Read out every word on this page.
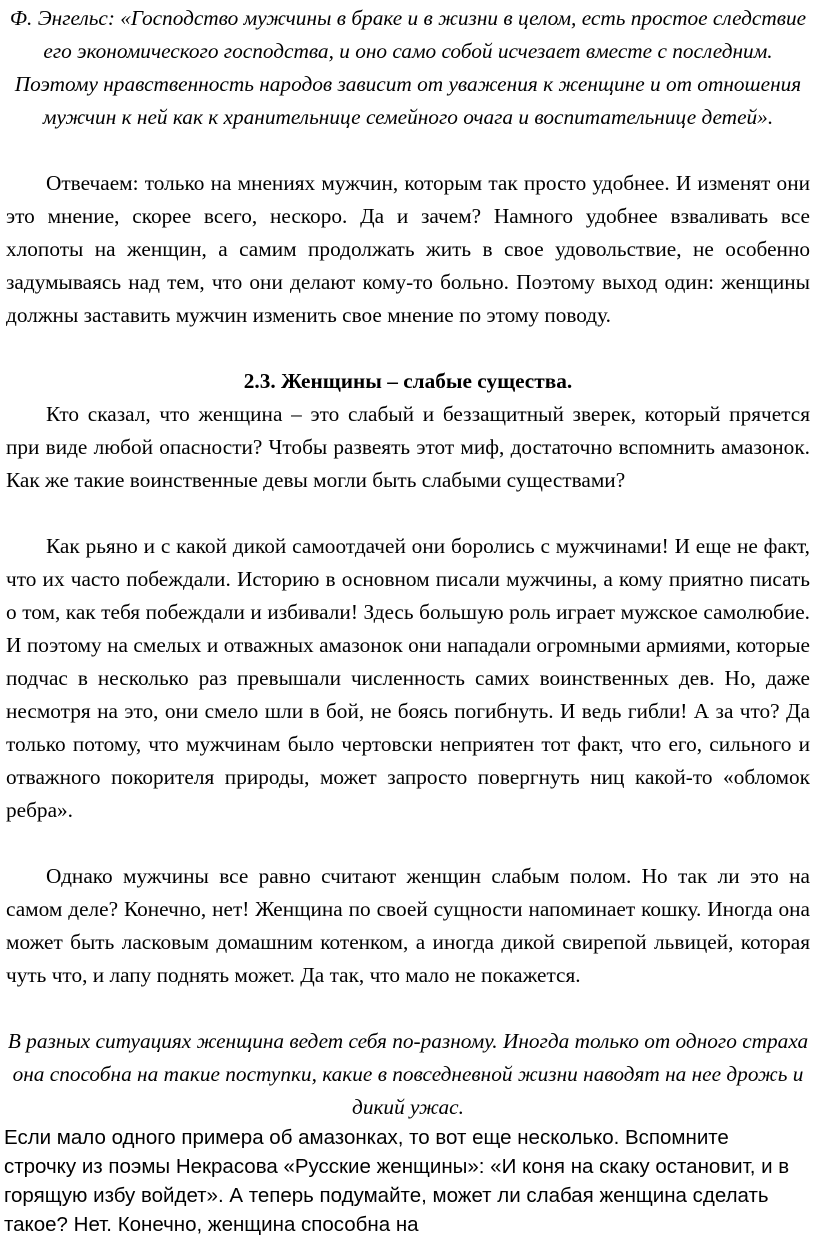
Ф. Энгельс: «Господство мужчины в браке и в жизни в целом, есть простое следствие его экономического господства, и оно само собой исчезает вместе с последним. Поэтому нравственность народов зависит от уважения к женщине и от отношения мужчин к ней как к хранительнице семейного очага и воспитательнице детей».

Отвечаем: только на мнениях мужчин, которым так просто удобнее. И изменят они это мнение, скорее всего, нескоро. Да и зачем? Намного удобнее взваливать все хлопоты на женщин, а самим продолжать жить в свое удовольствие, не особенно задумываясь над тем, что они делают кому-то больно. Поэтому выход один: женщины должны заставить мужчин изменить свое мнение по этому поводу.

2.3. Женщины – слабые существа.

Кто сказал, что женщина – это слабый и беззащитный зверек, который прячется при виде любой опасности? Чтобы развеять этот миф, достаточно вспомнить амазонок. Как же такие воинственные девы могли быть слабыми существами?

Как рьяно и с какой дикой самоотдачей они боролись с мужчинами! И еще не факт, что их часто побеждали. Историю в основном писали мужчины, а кому приятно писать о том, как тебя побеждали и избивали! Здесь большую роль играет мужское самолюбие. И поэтому на смелых и отважных амазонок они нападали огромными армиями, которые подчас в несколько раз превышали численность самих воинственных дев. Но, даже несмотря на это, они смело шли в бой, не боясь погибнуть. И ведь гибли! А за что? Да только потому, что мужчинам было чертовски неприятен тот факт, что его, сильного и отважного покорителя природы, может запросто повергнуть ниц какой-то «обломок ребра».

Однако мужчины все равно считают женщин слабым полом. Но так ли это на самом деле? Конечно, нет! Женщина по своей сущности напоминает кошку. Иногда она может быть ласковым домашним котенком, а иногда дикой свирепой львицей, которая чуть что, и лапу поднять может. Да так, что мало не покажется.

В разных ситуациях женщина ведет себя по-разному. Иногда только от одного страха она способна на такие поступки, какие в повседневной жизни наводят на нее дрожь и дикий ужас.

Если мало одного примера об амазонках, то вот еще несколько. Вспомните строчку из поэмы Некрасова «Русские женщины»: «И коня на скаку остановит, и в горящую избу войдет». А теперь подумайте, может ли слабая женщина сделать такое? Нет. Конечно, женщина способна на
